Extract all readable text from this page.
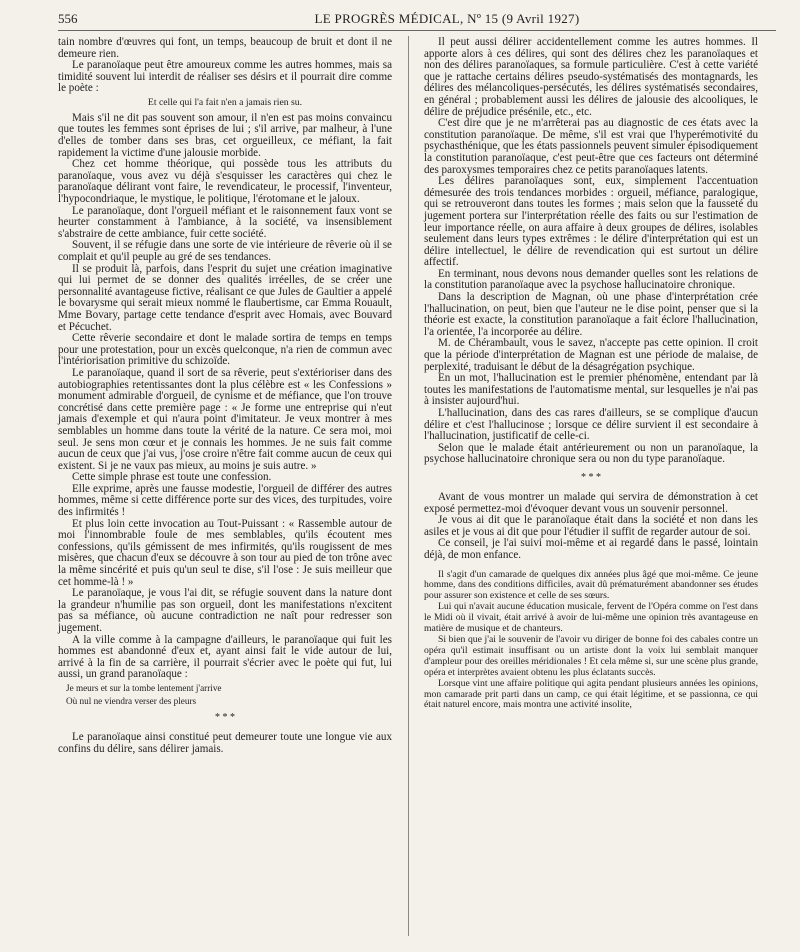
556	LE PROGRÈS MÉDICAL, Nº 15 (9 Avril 1927)

tain nombre d'œuvres qui font, un temps, beaucoup de bruit et dont il ne demeure rien.

Le paranoïaque peut être amoureux comme les autres hommes, mais sa timidité souvent lui interdit de réaliser ses désirs et il pourrait dire comme le poète :

Et celle qui l'a fait n'en a jamais rien su.

Mais s'il ne dit pas souvent son amour, il n'en est pas moins convaincu que toutes les femmes sont éprises de lui ; s'il arrive, par malheur, à l'une d'elles de tomber dans ses bras, cet orgueilleux, ce méfiant, la fait rapidement la victime d'une jalousie morbide.

Chez cet homme théorique, qui possède tous les attributs du paranoïaque, vous avez vu déjà s'esquisser les caractères qui chez le paranoïaque délirant vont faire, le revendicateur, le processif, l'inventeur, l'hypocondriaque, le mystique, le politique, l'érotomane et le jaloux.

Le paranoïaque, dont l'orgueil méfiant et le raisonnement faux vont se heurter constamment à l'ambiance, à la société, va insensiblement s'abstraire de cette ambiance, fuir cette société.

Souvent, il se réfugie dans une sorte de vie intérieure de rêverie où il se complait et qu'il peuple au gré de ses tendances.

Il se produit là, parfois, dans l'esprit du sujet une création imaginative qui lui permet de se donner des qualités irréelles, de se créer une personnalité avantageuse fictive, réalisant ce que Jules de Gaultier a appelé le bovarysme qui serait mieux nommé le flaubertisme, car Emma Rouault, Mme Bovary, partage cette tendance d'esprit avec Homais, avec Bouvard et Pécuchet.

Cette rêverie secondaire et dont le malade sortira de temps en temps pour une protestation, pour un excès quelconque, n'a rien de commun avec l'intériorisation primitive du schizoïde.

Le paranoïaque, quand il sort de sa rêverie, peut s'extérioriser dans des autobiographies retentissantes dont la plus célèbre est « les Confessions » monument admirable d'orgueil, de cynisme et de méfiance, que l'on trouve concrétisé dans cette première page : « Je forme une entreprise qui n'eut jamais d'exemple et qui n'aura point d'imitateur. Je veux montrer à mes semblables un homme dans toute la vérité de la nature. Ce sera moi, moi seul. Je sens mon cœur et je connais les hommes. Je ne suis fait comme aucun de ceux que j'ai vus, j'ose croire n'être fait comme aucun de ceux qui existent. Si je ne vaux pas mieux, au moins je suis autre. »

Cette simple phrase est toute une confession.

Elle exprime, après une fausse modestie, l'orgueil de différer des autres hommes, même si cette différence porte sur des vices, des turpitudes, voire des infirmités !

Et plus loin cette invocation au Tout-Puissant : « Rassemble autour de moi l'innombrable foule de mes semblables, qu'ils écoutent mes confessions, qu'ils gémissent de mes infirmités, qu'ils rougissent de mes misères, que chacun d'eux se découvre à son tour au pied de ton trône avec la même sincérité et puis qu'un seul te dise, s'il l'ose : Je suis meilleur que cet homme-là ! »

Le paranoïaque, je vous l'ai dit, se réfugie souvent dans la nature dont la grandeur n'humilie pas son orgueil, dont les manifestations n'excitent pas sa méfiance, où aucune contradiction ne naît pour redresser son jugement.

A la ville comme à la campagne d'ailleurs, le paranoïaque qui fuit les hommes est abandonné d'eux et, ayant ainsi fait le vide autour de lui, arrivé à la fin de sa carrière, il pourrait s'écrier avec le poète qui fut, lui aussi, un grand paranoïaque :

Je meurs et sur la tombe lentement j'arrive

Où nul ne viendra verser des pleurs

* * *

Le paranoïaque ainsi constitué peut demeurer toute une longue vie aux confins du délire, sans délirer jamais.

Il peut aussi délirer accidentellement comme les autres hommes. Il apporte alors à ces délires, qui sont des délires chez les paranoïaques et non des délires paranoïaques, sa formule particulière. C'est à cette variété que je rattache certains délires pseudo-systématisés des montagnards, les délires des mélancoliques-persécutés, les délires systématisés secondaires, en général ; probablement aussi les délires de jalousie des alcooliques, le délire de préjudice présénile, etc., etc.

C'est dire que je ne m'arrêterai pas au diagnostic de ces états avec la constitution paranoïaque. De même, s'il est vrai que l'hyperémotivité du psychasthénique, que les états passionnels peuvent simuler épisodiquement la constitution paranoïaque, c'est peut-être que ces facteurs ont déterminé des paroxysmes temporaires chez ce petits paranoïaques latents.

Les délires paranoïaques sont, eux, simplement l'accentuation démesurée des trois tendances morbides : orgueil, méfiance, paralogique, qui se retrouveront dans toutes les formes ; mais selon que la fausseté du jugement portera sur l'interprétation réelle des faits ou sur l'estimation de leur importance réelle, on aura affaire à deux groupes de délires, isolables seulement dans leurs types extrêmes : le délire d'interprétation qui est un délire intellectuel, le délire de revendication qui est surtout un délire affectif.

En terminant, nous devons nous demander quelles sont les relations de la constitution paranoïaque avec la psychose hallucinatoire chronique.

Dans la description de Magnan, où une phase d'interprétation crée l'hallucination, on peut, bien que l'auteur ne le dise point, penser que si la théorie est exacte, la constitution paranoïaque a fait éclore l'hallucination, l'a orientée, l'a incorporée au délire.

M. de Chérambault, vous le savez, n'accepte pas cette opinion. Il croit que la période d'interprétation de Magnan est une période de malaise, de perplexité, traduisant le début de la désagrégation psychique.

En un mot, l'hallucination est le premier phénomène, entendant par là toutes les manifestations de l'automatisme mental, sur lesquelles je n'ai pas à insister aujourd'hui.

L'hallucination, dans des cas rares d'ailleurs, se se complique d'aucun délire et c'est l'hallucinose ; lorsque ce délire survient il est secondaire à l'hallucination, justificatif de celle-ci.

Selon que le malade était antérieurement ou non un paranoïaque, la psychose hallucinatoire chronique sera ou non du type paranoïaque.

* * *

Avant de vous montrer un malade qui servira de démonstration à cet exposé permettez-moi d'évoquer devant vous un souvenir personnel.

Je vous ai dit que le paranoïaque était dans la société et non dans les asiles et je vous ai dit que pour l'étudier il suffit de regarder autour de soi.

Ce conseil, je l'ai suivi moi-même et ai regardé dans le passé, lointain déjà, de mon enfance.

Il s'agit d'un camarade de quelques dix années plus âgé que moi-même. Ce jeune homme, dans des conditions difficiles, avait dû prématurément abandonner ses études pour assurer son existence et celle de ses sœurs.

Lui qui n'avait aucune éducation musicale, fervent de l'Opéra comme on l'est dans le Midi où il vivait, était arrivé à avoir de lui-même une opinion très avantageuse en matière de musique et de chanteurs.

Si bien que j'ai le souvenir de l'avoir vu diriger de bonne foi des cabales contre un opéra qu'il estimait insuffisant ou un artiste dont la voix lui semblait manquer d'ampleur pour des oreilles méridionales ! Et cela même si, sur une scène plus grande, opéra et interprètes avaient obtenu les plus éclatants succès.

Lorsque vint une affaire politique qui agita pendant plusieurs années les opinions, mon camarade prit parti dans un camp, ce qui était légitime, et se passionna, ce qui était naturel encore, mais montra une activité insolite,
